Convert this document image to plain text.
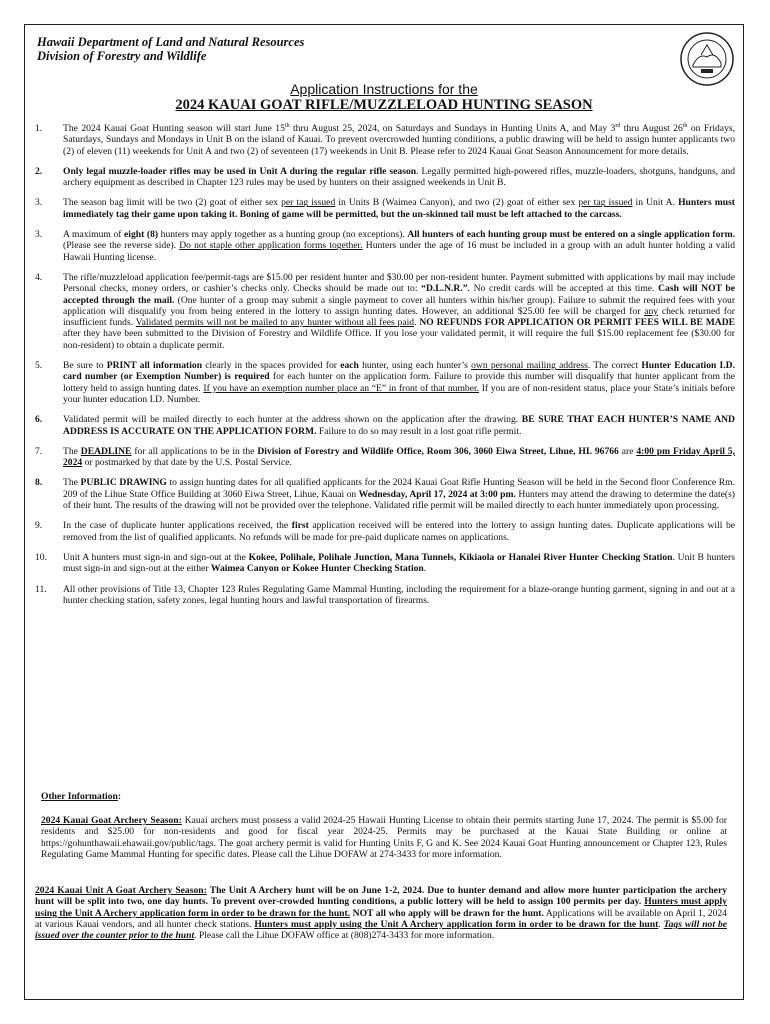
Hawaii Department of Land and Natural Resources
Division of Forestry and Wildlife
Application Instructions for the
2024 KAUAI GOAT RIFLE/MUZZLELOAD HUNTING SEASON
1.	The 2024 Kauai Goat Hunting season will start June 15th thru August 25, 2024, on Saturdays and Sundays in Hunting Units A, and May 3rd thru August 26th on Fridays, Saturdays, Sundays and Mondays in Unit B on the island of Kauai. To prevent overcrowded hunting conditions, a public drawing will be held to assign hunter applicants two (2) of eleven (11) weekends for Unit A and two (2) of seventeen (17) weekends in Unit B. Please refer to 2024 Kauai Goat Season Announcement for more details.
2.	Only legal muzzle-loader rifles may be used in Unit A during the regular rifle season. Legally permitted high-powered rifles, muzzle-loaders, shotguns, handguns, and archery equipment as described in Chapter 123 rules may be used by hunters on their assigned weekends in Unit B.
3.	The season bag limit will be two (2) goat of either sex per tag issued in Units B (Waimea Canyon), and two (2) goat of either sex per tag issued in Unit A. Hunters must immediately tag their game upon taking it. Boning of game will be permitted, but the un-skinned tail must be left attached to the carcass.
3.	A maximum of eight (8) hunters may apply together as a hunting group (no exceptions). All hunters of each hunting group must be entered on a single application form. (Please see the reverse side). Do not staple other application forms together. Hunters under the age of 16 must be included in a group with an adult hunter holding a valid Hawaii Hunting license.
4.	The rifle/muzzleload application fee/permit-tags are $15.00 per resident hunter and $30.00 per non-resident hunter. Payment submitted with applications by mail may include Personal checks, money orders, or cashier’s checks only. Checks should be made out to: “D.L.N.R.”. No credit cards will be accepted at this time. Cash will NOT be accepted through the mail. (One hunter of a group may submit a single payment to cover all hunters within his/her group). Failure to submit the required fees with your application will disqualify you from being entered in the lottery to assign hunting dates. However, an additional $25.00 fee will be charged for any check returned for insufficient funds. Validated permits will not be mailed to any hunter without all fees paid. NO REFUNDS FOR APPLICATION OR PERMIT FEES WILL BE MADE after they have been submitted to the Division of Forestry and Wildlife Office. If you lose your validated permit, it will require the full $15.00 replacement fee ($30.00 for non-resident) to obtain a duplicate permit.
5.	Be sure to PRINT all information clearly in the spaces provided for each hunter, using each hunter’s own personal mailing address. The correct Hunter Education I.D. card number (or Exemption Number) is required for each hunter on the application form. Failure to provide this number will disqualify that hunter applicant from the lottery held to assign hunting dates. If you have an exemption number place an “E” in front of that number. If you are of non-resident status, place your State’s initials before your hunter education I.D. Number.
6.	Validated permit will be mailed directly to each hunter at the address shown on the application after the drawing. BE SURE THAT EACH HUNTER’S NAME AND ADDRESS IS ACCURATE ON THE APPLICATION FORM. Failure to do so may result in a lost goat rifle permit.
7.	The DEADLINE for all applications to be in the Division of Forestry and Wildlife Office, Room 306, 3060 Eiwa Street, Lihue, HI. 96766 are 4:00 pm Friday April 5, 2024 or postmarked by that date by the U.S. Postal Service.
8.	The PUBLIC DRAWING to assign hunting dates for all qualified applicants for the 2024 Kauai Goat Rifle Hunting Season will be held in the Second floor Conference Rm. 209 of the Lihue State Office Building at 3060 Eiwa Street, Lihue, Kauai on Wednesday, April 17, 2024 at 3:00 pm. Hunters may attend the drawing to determine the date(s) of their hunt. The results of the drawing will not be provided over the telephone. Validated rifle permit will be mailed directly to each hunter immediately upon processing.
9.	In the case of duplicate hunter applications received, the first application received will be entered into the lottery to assign hunting dates. Duplicate applications will be removed from the list of qualified applicants. No refunds will be made for pre-paid duplicate names on applications.
10.	Unit A hunters must sign-in and sign-out at the Kokee, Polihale, Polihale Junction, Mana Tunnels, Kikiaola or Hanalei River Hunter Checking Station. Unit B hunters must sign-in and sign-out at the either Waimea Canyon or Kokee Hunter Checking Station.
11.	All other provisions of Title 13, Chapter 123 Rules Regulating Game Mammal Hunting, including the requirement for a blaze-orange hunting garment, signing in and out at a hunter checking station, safety zones, legal hunting hours and lawful transportation of firearms.
Other Information:
2024 Kauai Goat Archery Season: Kauai archers must possess a valid 2024-25 Hawaii Hunting License to obtain their permits starting June 17, 2024. The permit is $5.00 for residents and $25.00 for non-residents and good for fiscal year 2024-25. Permits may be purchased at the Kauai State Building or online at https://gohunthawaii.ehawaii.gov/public/tags. The goat archery permit is valid for Hunting Units F, G and K. See 2024 Kauai Goat Hunting announcement or Chapter 123, Rules Regulating Game Mammal Hunting for specific dates. Please call the Lihue DOFAW at 274-3433 for more information.
2024 Kauai Unit A Goat Archery Season: The Unit A Archery hunt will be on June 1-2, 2024. Due to hunter demand and allow more hunter participation the archery hunt will be split into two, one day hunts. To prevent over-crowded hunting conditions, a public lottery will be held to assign 100 permits per day. Hunters must apply using the Unit A Archery application form in order to be drawn for the hunt. NOT all who apply will be drawn for the hunt. Applications will be available on April 1, 2024 at various Kauai vendors, and all hunter check stations. Hunters must apply using the Unit A Archery application form in order to be drawn for the hunt. Tags will not be issued over the counter prior to the hunt. Please call the Lihue DOFAW office at (808)274-3433 for more information.
